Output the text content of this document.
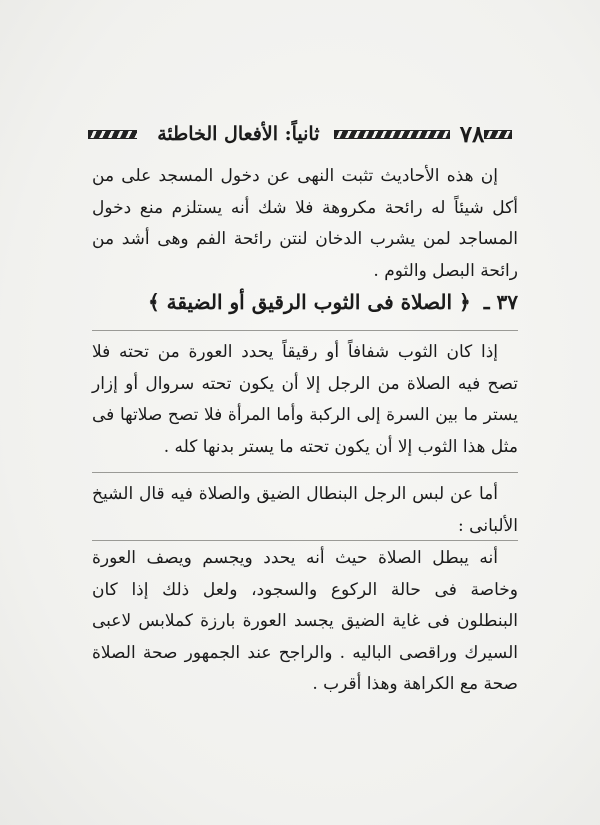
٧٨
ثانياً: الأفعال الخاطئة

إن هذه الأحاديث تثبت النهى عن دخول المسجد على من أكل شيئاً له رائحة مكروهة فلا شك أنه يستلزم منع دخول المساجد لمن يشرب الدخان لنتن رائحة الفم وهى أشد من رائحة البصل والثوم .

٣٧ ـ ﴿ الصلاة فى الثوب الرقيق أو الضيقة ﴾

إذا كان الثوب شفافاً أو رقيقاً يحدد العورة من تحته فلا تصح فيه الصلاة من الرجل إلا أن يكون تحته سروال أو إزار يستر ما بين السرة إلى الركبة وأما المرأة فلا تصح صلاتها فى مثل هذا الثوب إلا أن يكون تحته ما يستر بدنها كله .

أما عن لبس الرجل البنطال الضيق والصلاة فيه قال الشيخ الألبانى :

أنه يبطل الصلاة حيث أنه يحدد ويجسم ويصف العورة وخاصة فى حالة الركوع والسجود، ولعل ذلك إذا كان البنطلون فى غاية الضيق يجسد العورة بارزة كملابس لاعبى السيرك وراقصى الباليه . والراجح عند الجمهور صحة الصلاة صحة مع الكراهة وهذا أقرب .
